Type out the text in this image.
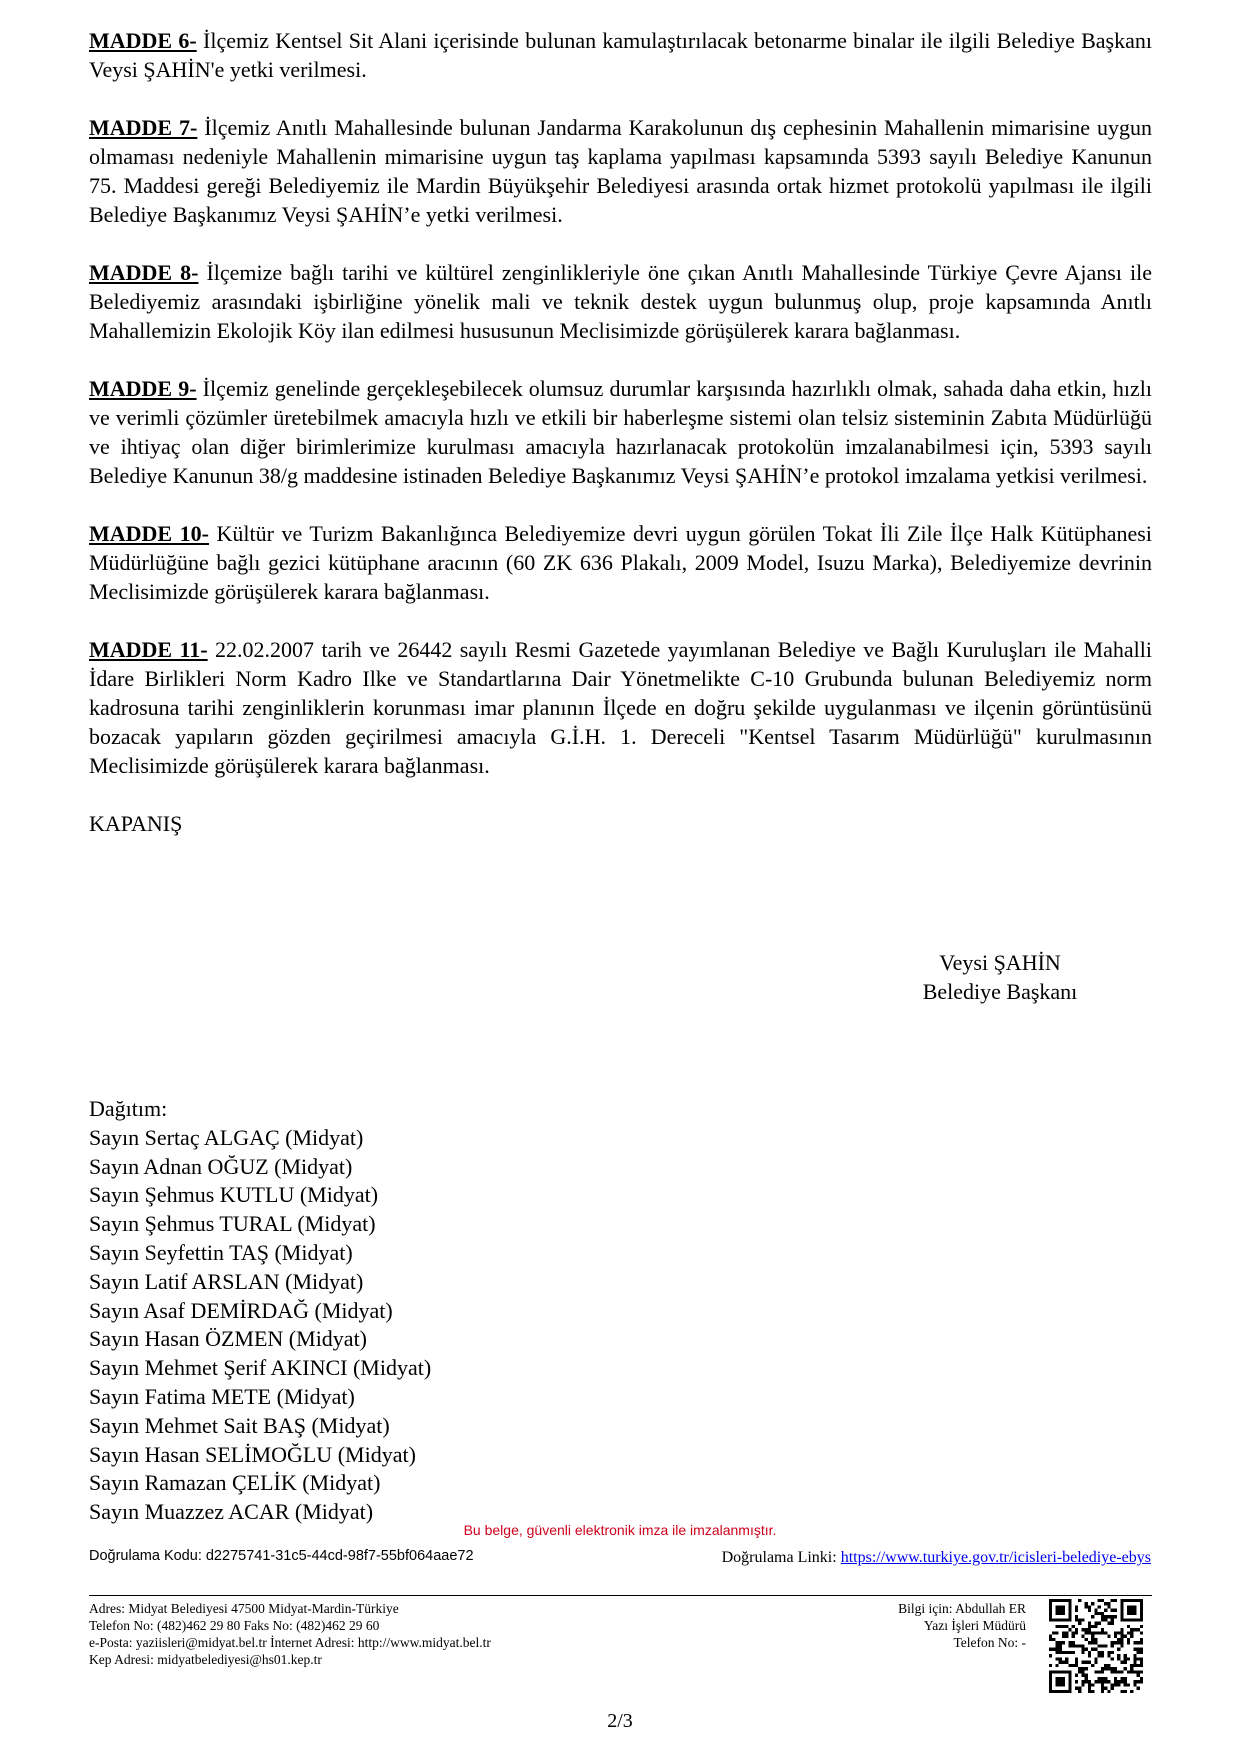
MADDE 6- İlçemiz Kentsel Sit Alani içerisinde bulunan kamulaştırılacak betonarme binalar ile ilgili Belediye Başkanı Veysi ŞAHİN'e yetki verilmesi.

MADDE 7- İlçemiz Anıtlı Mahallesinde bulunan Jandarma Karakolunun dış cephesinin Mahallenin mimarisine uygun olmaması nedeniyle Mahallenin mimarisine uygun taş kaplama yapılması kapsamında 5393 sayılı Belediye Kanunun 75. Maddesi gereği Belediyemiz ile Mardin Büyükşehir Belediyesi arasında ortak hizmet protokolü yapılması ile ilgili Belediye Başkanımız Veysi ŞAHİN’e yetki verilmesi.

MADDE 8- İlçemize bağlı tarihi ve kültürel zenginlikleriyle öne çıkan Anıtlı Mahallesinde Türkiye Çevre Ajansı ile Belediyemiz arasındaki işbirliğine yönelik mali ve teknik destek uygun bulunmuş olup, proje kapsamında Anıtlı Mahallemizin Ekolojik Köy ilan edilmesi hususunun Meclisimizde görüşülerek karara bağlanması.

MADDE 9- İlçemiz genelinde gerçekleşebilecek olumsuz durumlar karşısında hazırlıklı olmak, sahada daha etkin, hızlı ve verimli çözümler üretebilmek amacıyla hızlı ve etkili bir haberleşme sistemi olan telsiz sisteminin Zabıta Müdürlüğü ve ihtiyaç olan diğer birimlerimize kurulması amacıyla hazırlanacak protokolün imzalanabilmesi için, 5393 sayılı Belediye Kanunun 38/g maddesine istinaden Belediye Başkanımız Veysi ŞAHİN’e protokol imzalama yetkisi verilmesi.

MADDE 10- Kültür ve Turizm Bakanlığınca Belediyemize devri uygun görülen Tokat İli Zile İlçe Halk Kütüphanesi Müdürlüğüne bağlı gezici kütüphane aracının (60 ZK 636 Plakalı, 2009 Model, Isuzu Marka), Belediyemize devrinin Meclisimizde görüşülerek karara bağlanması.

MADDE 11- 22.02.2007 tarih ve 26442 sayılı Resmi Gazetede yayımlanan Belediye ve Bağlı Kuruluşları ile Mahalli İdare Birlikleri Norm Kadro Ilke ve Standartlarına Dair Yönetmelikte C-10 Grubunda bulunan Belediyemiz norm kadrosuna tarihi zenginliklerin korunması imar planının İlçede en doğru şekilde uygulanması ve ilçenin görüntüsünü bozacak yapıların gözden geçirilmesi amacıyla G.İ.H. 1. Dereceli "Kentsel Tasarım Müdürlüğü" kurulmasının Meclisimizde görüşülerek karara bağlanması.

KAPANIŞ

Veysi ŞAHİN
Belediye Başkanı

Dağıtım:

Sayın Sertaç ALGAÇ (Midyat)
Sayın Adnan OĞUZ (Midyat)
Sayın Şehmus KUTLU (Midyat)
Sayın Şehmus TURAL (Midyat)
Sayın Seyfettin TAŞ (Midyat)
Sayın Latif ARSLAN (Midyat)
Sayın Asaf DEMİRDAĞ (Midyat)
Sayın Hasan ÖZMEN (Midyat)
Sayın Mehmet Şerif AKINCI (Midyat)
Sayın Fatima METE (Midyat)
Sayın Mehmet Sait BAŞ (Midyat)
Sayın Hasan SELİMOĞLU (Midyat)
Sayın Ramazan ÇELİK (Midyat)
Sayın Muazzez ACAR (Midyat)
Bu belge, güvenli elektronik imza ile imzalanmıştır.
Doğrulama Kodu: d2275741-31c5-44cd-98f7-55bf064aae72	Doğrulama Linki: https://www.turkiye.gov.tr/icisleri-belediye-ebys
Adres: Midyat Belediyesi 47500 Midyat-Mardin-Türkiye
Telefon No: (482)462 29 80 Faks No: (482)462 29 60
e-Posta: yaziisleri@midyat.bel.tr İnternet Adresi: http://www.midyat.bel.tr
Kep Adresi: midyatbelediyesi@hs01.kep.tr
Bilgi için: Abdullah ER
Yazı İşleri Müdürü
Telefon No: -
2/3
